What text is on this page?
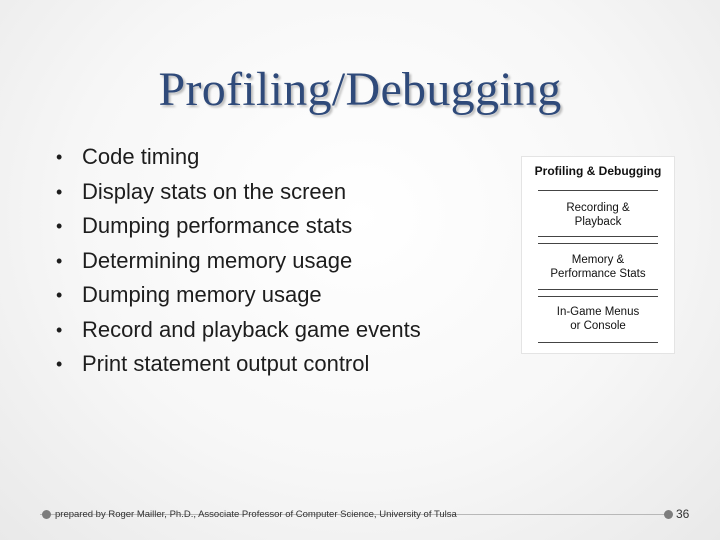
Profiling/Debugging
• Code timing
• Display stats on the screen
• Dumping performance stats
• Determining memory usage
• Dumping memory usage
• Record and playback game events
• Print statement output control
Profiling & Debugging
Recording &
Playback
Memory &
Performance Stats
In-Game Menus
or Console
prepared by Roger Mailler, Ph.D., Associate Professor of Computer Science, University of Tulsa	36
